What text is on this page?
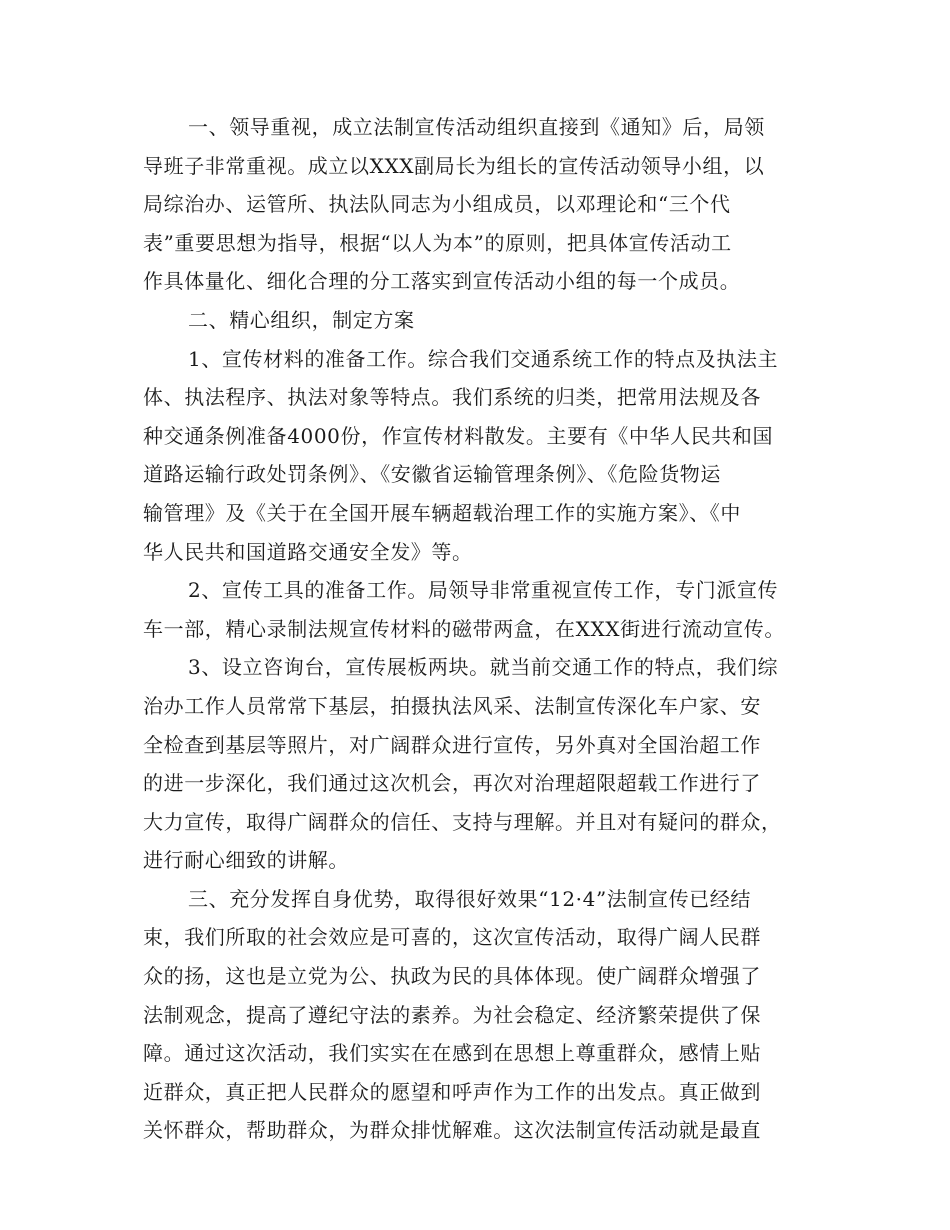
一、领导重视，成立法制宣传活动组织直接到《通知》后，局领
导班子非常重视。成立以XXX副局长为组长的宣传活动领导小组，以
局综治办、运管所、执法队同志为小组成员，以邓理论和“三个代
表”重要思想为指导，根据“以人为本”的原则，把具体宣传活动工
作具体量化、细化合理的分工落实到宣传活动小组的每一个成员。
二、精心组织，制定方案
1、宣传材料的准备工作。综合我们交通系统工作的特点及执法主
体、执法程序、执法对象等特点。我们系统的归类，把常用法规及各
种交通条例准备4000份，作宣传材料散发。主要有《中华人民共和国
道路运输行政处罚条例》、《安徽省运输管理条例》、《危险货物运
输管理》及《关于在全国开展车辆超载治理工作的实施方案》、《中
华人民共和国道路交通安全发》等。
2、宣传工具的准备工作。局领导非常重视宣传工作，专门派宣传
车一部，精心录制法规宣传材料的磁带两盒，在XXX街进行流动宣传。
3、设立咨询台，宣传展板两块。就当前交通工作的特点，我们综
治办工作人员常常下基层，拍摄执法风采、法制宣传深化车户家、安
全检查到基层等照片，对广阔群众进行宣传，另外真对全国治超工作
的进一步深化，我们通过这次机会，再次对治理超限超载工作进行了
大力宣传，取得广阔群众的信任、支持与理解。并且对有疑问的群众，
进行耐心细致的讲解。
三、充分发挥自身优势，取得很好效果“12·4”法制宣传已经结
束，我们所取的社会效应是可喜的，这次宣传活动，取得广阔人民群
众的扬，这也是立党为公、执政为民的具体体现。使广阔群众增强了
法制观念，提高了遵纪守法的素养。为社会稳定、经济繁荣提供了保
障。通过这次活动，我们实实在在感到在思想上尊重群众，感情上贴
近群众，真正把人民群众的愿望和呼声作为工作的出发点。真正做到
关怀群众，帮助群众，为群众排忧解难。这次法制宣传活动就是最直
